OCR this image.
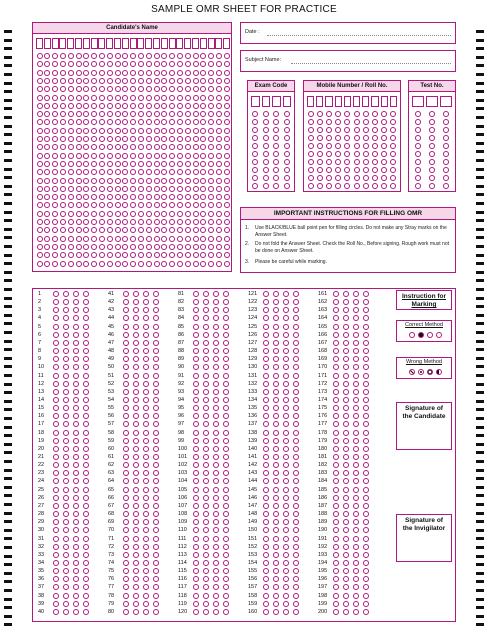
SAMPLE OMR SHEET FOR PRACTICE
Candidate's Name
Date :
Subject Name:
Exam Code	Mobile Number / Roll No.	Test No.
IMPORTANT INSTRUCTIONS FOR FILLING OMR
1. Use BLACK/BLUE ball point pen for filling circles. Do not make any Stray marks on the Answer Sheet.
2. Do not fold the Answer Sheet. Check the Roll No., Before signing. Rough work must not be done on Answer Sheet.
3. Please be careful while marking.
1
2
3
4
5
6
7
8
9
10
11
12
13
14
15
16
17
18
19
20
21
22
23
24
25
26
27
28
29
30
31
32
33
34
35
36
37
38
39
40
41
42
43
44
45
46
47
48
49
50
51
52
53
54
55
56
57
58
59
60
61
62
63
64
65
66
67
68
69
70
71
72
73
74
75
76
77
78
79
80
81
82
83
84
85
86
87
88
89
90
91
92
93
94
95
96
97
98
99
100
101
102
103
104
105
106
107
108
109
110
111
112
113
114
115
116
117
118
119
120
121
122
123
124
125
126
127
128
129
130
131
132
133
134
135
136
137
138
139
140
141
142
143
144
145
146
147
148
149
150
151
152
153
154
155
156
157
158
159
160
161
162
163
164
165
166
167
168
169
170
171
172
173
174
175
176
177
178
179
180
181
182
183
184
185
186
187
188
189
190
191
192
193
194
195
196
197
198
199
200
Instruction for Marking
Correct Method
Wrong Method
Signature of the Candidate
Signature of the Invigilator
